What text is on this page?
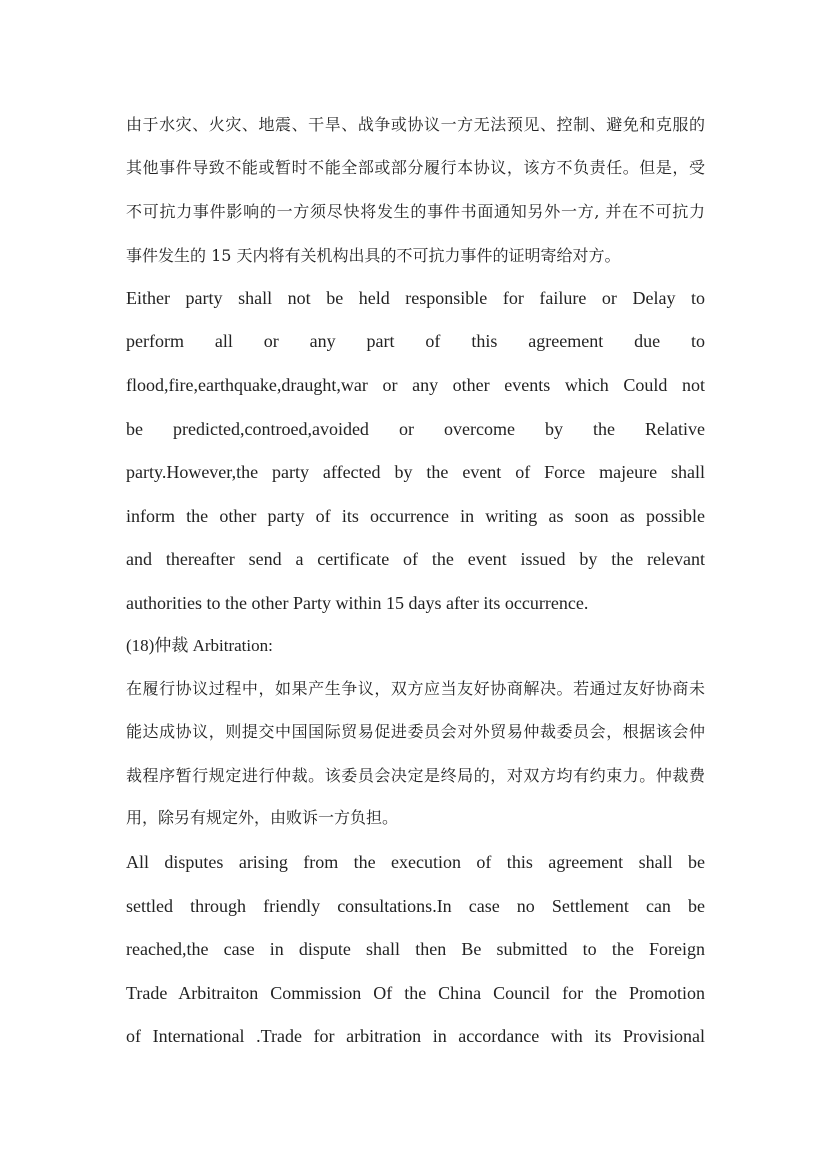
由于水灾、火灾、地震、干旱、战争或协议一方无法预见、控制、避免和克服的
其他事件导致不能或暂时不能全部或部分履行本协议，该方不负责任。但是，受
不可抗力事件影响的一方须尽快将发生的事件书面通知另外一方, 并在不可抗力
事件发生的 15 天内将有关机构出具的不可抗力事件的证明寄给对方。
Either party shall not be held responsible for failure or Delay to
perform all or any part of this agreement due to
flood,fire,earthquake,draught,war or any other events which Could not
be predicted,controed,avoided or overcome by the Relative
party.However,the party affected by the event of Force majeure shall
inform the other party of its occurrence in writing as soon as possible
and thereafter send a certificate of the event issued by the relevant
authorities to the other Party within 15 days after its occurrence.
(18)仲裁 Arbitration:
在履行协议过程中，如果产生争议，双方应当友好协商解决。若通过友好协商未
能达成协议，则提交中国国际贸易促进委员会对外贸易仲裁委员会，根据该会仲
裁程序暂行规定进行仲裁。该委员会决定是终局的，对双方均有约束力。仲裁费
用，除另有规定外，由败诉一方负担。
All disputes arising from the execution of this agreement shall be
settled through friendly consultations.In case no Settlement can be
reached,the case in dispute shall then Be submitted to the Foreign
Trade Arbitraiton Commission Of the China Council for the Promotion
of International .Trade for arbitration in accordance with its Provisional
